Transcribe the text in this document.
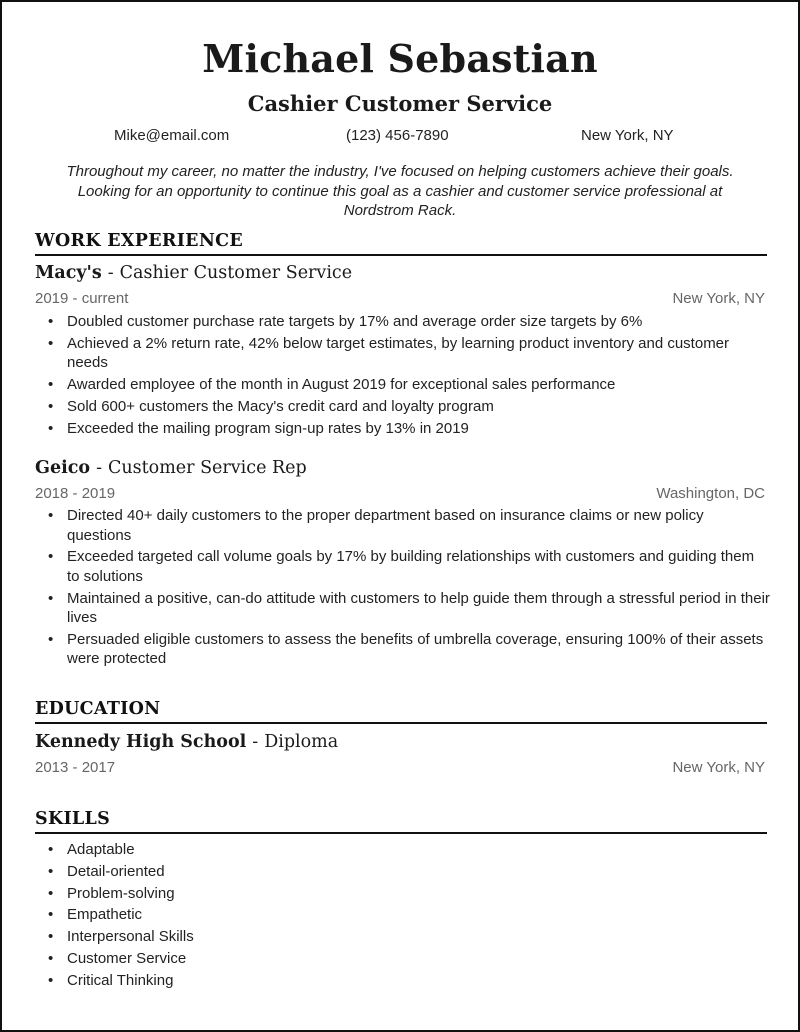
Michael Sebastian
Cashier Customer Service
Mike@email.com	(123) 456-7890	New York, NY
Throughout my career, no matter the industry, I've focused on helping customers achieve their goals. Looking for an opportunity to continue this goal as a cashier and customer service professional at Nordstrom Rack.
WORK EXPERIENCE
Macy's - Cashier Customer Service
2019 - current	New York, NY
• Doubled customer purchase rate targets by 17% and average order size targets by 6%
• Achieved a 2% return rate, 42% below target estimates, by learning product inventory and customer needs
• Awarded employee of the month in August 2019 for exceptional sales performance
• Sold 600+ customers the Macy's credit card and loyalty program
• Exceeded the mailing program sign-up rates by 13% in 2019
Geico - Customer Service Rep
2018 - 2019	Washington, DC
• Directed 40+ daily customers to the proper department based on insurance claims or new policy questions
• Exceeded targeted call volume goals by 17% by building relationships with customers and guiding them to solutions
• Maintained a positive, can-do attitude with customers to help guide them through a stressful period in their lives
• Persuaded eligible customers to assess the benefits of umbrella coverage, ensuring 100% of their assets were protected
EDUCATION
Kennedy High School - Diploma
2013 - 2017	New York, NY
SKILLS
• Adaptable
• Detail-oriented
• Problem-solving
• Empathetic
• Interpersonal Skills
• Customer Service
• Critical Thinking
